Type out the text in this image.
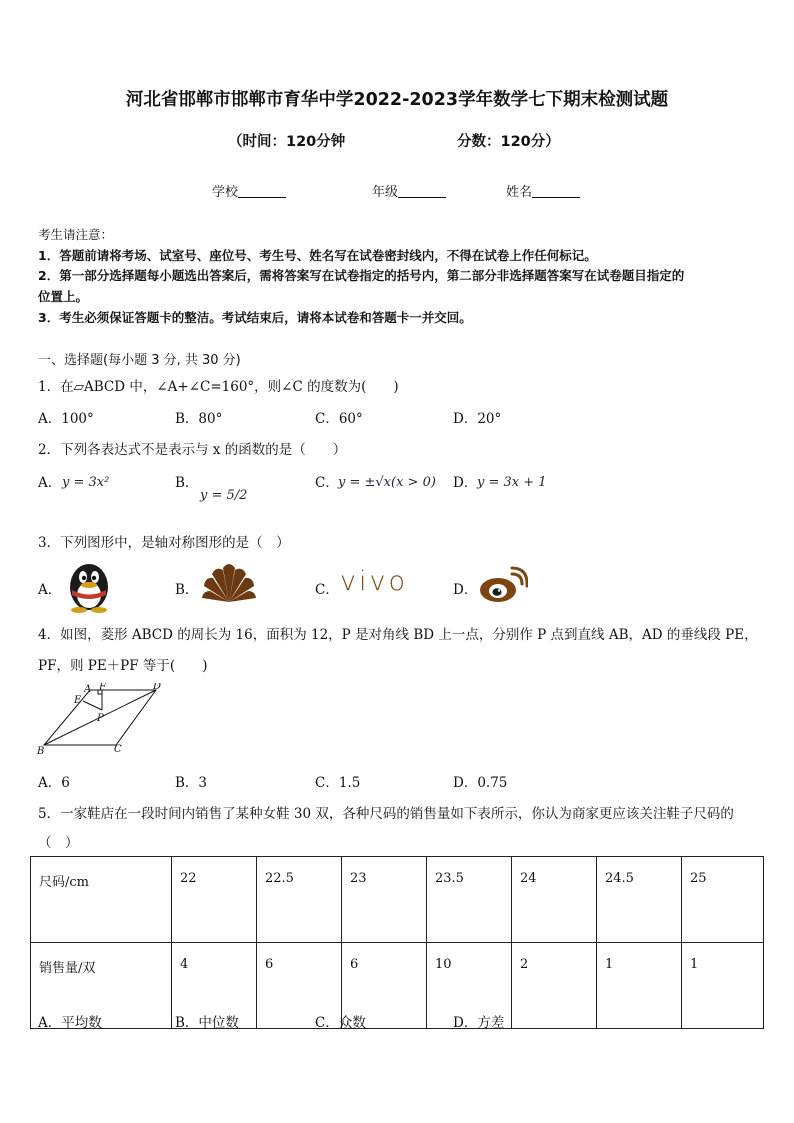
河北省邯郸市邯郸市育华中学2022-2023学年数学七下期末检测试题
（时间：120分钟	分数：120分）
学校	年级	姓名
考生请注意：
1．答题前请将考场、试室号、座位号、考生号、姓名写在试卷密封线内，不得在试卷上作任何标记。
2．第一部分选择题每小题选出答案后，需将答案写在试卷指定的括号内，第二部分非选择题答案写在试卷题目指定的
位置上。
3．考生必须保证答题卡的整洁。考试结束后，请将本试卷和答题卡一并交回。
一、选择题(每小题 3 分, 共 30 分)
1．在▱ABCD 中，∠A+∠C=160°，则∠C 的度数为(　　)
A．100°	B．80°	C．60°	D．20°
2．下列各表达式不是表示与 x 的函数的是（　　）
A． y = 3x²	B．
y = 5/2
C． y = ±√x(x > 0) D． y = 3x + 1
3．下列图形中，是轴对称图形的是（　）
A．	B．	C． vivo	D．
4．如图，菱形 ABCD 的周长为 16，面积为 12，P 是对角线 BD 上一点，分别作 P 点到直线 AB，AD 的垂线段 PE，
PF，则 PE＋PF 等于(　　)
A	D
F
E
P
B	C
A．6	B．3	C．1.5	D．0.75
5．一家鞋店在一段时间内销售了某种女鞋 30 双，各种尺码的销售量如下表所示，你认为商家更应该关注鞋子尺码的
（　）
尺码/cm	22	22.5	23	23.5	24	24.5	25
销售量/双	4	6	6	10	2	1	1
A．平均数	B．中位数	C．众数	D．方差
